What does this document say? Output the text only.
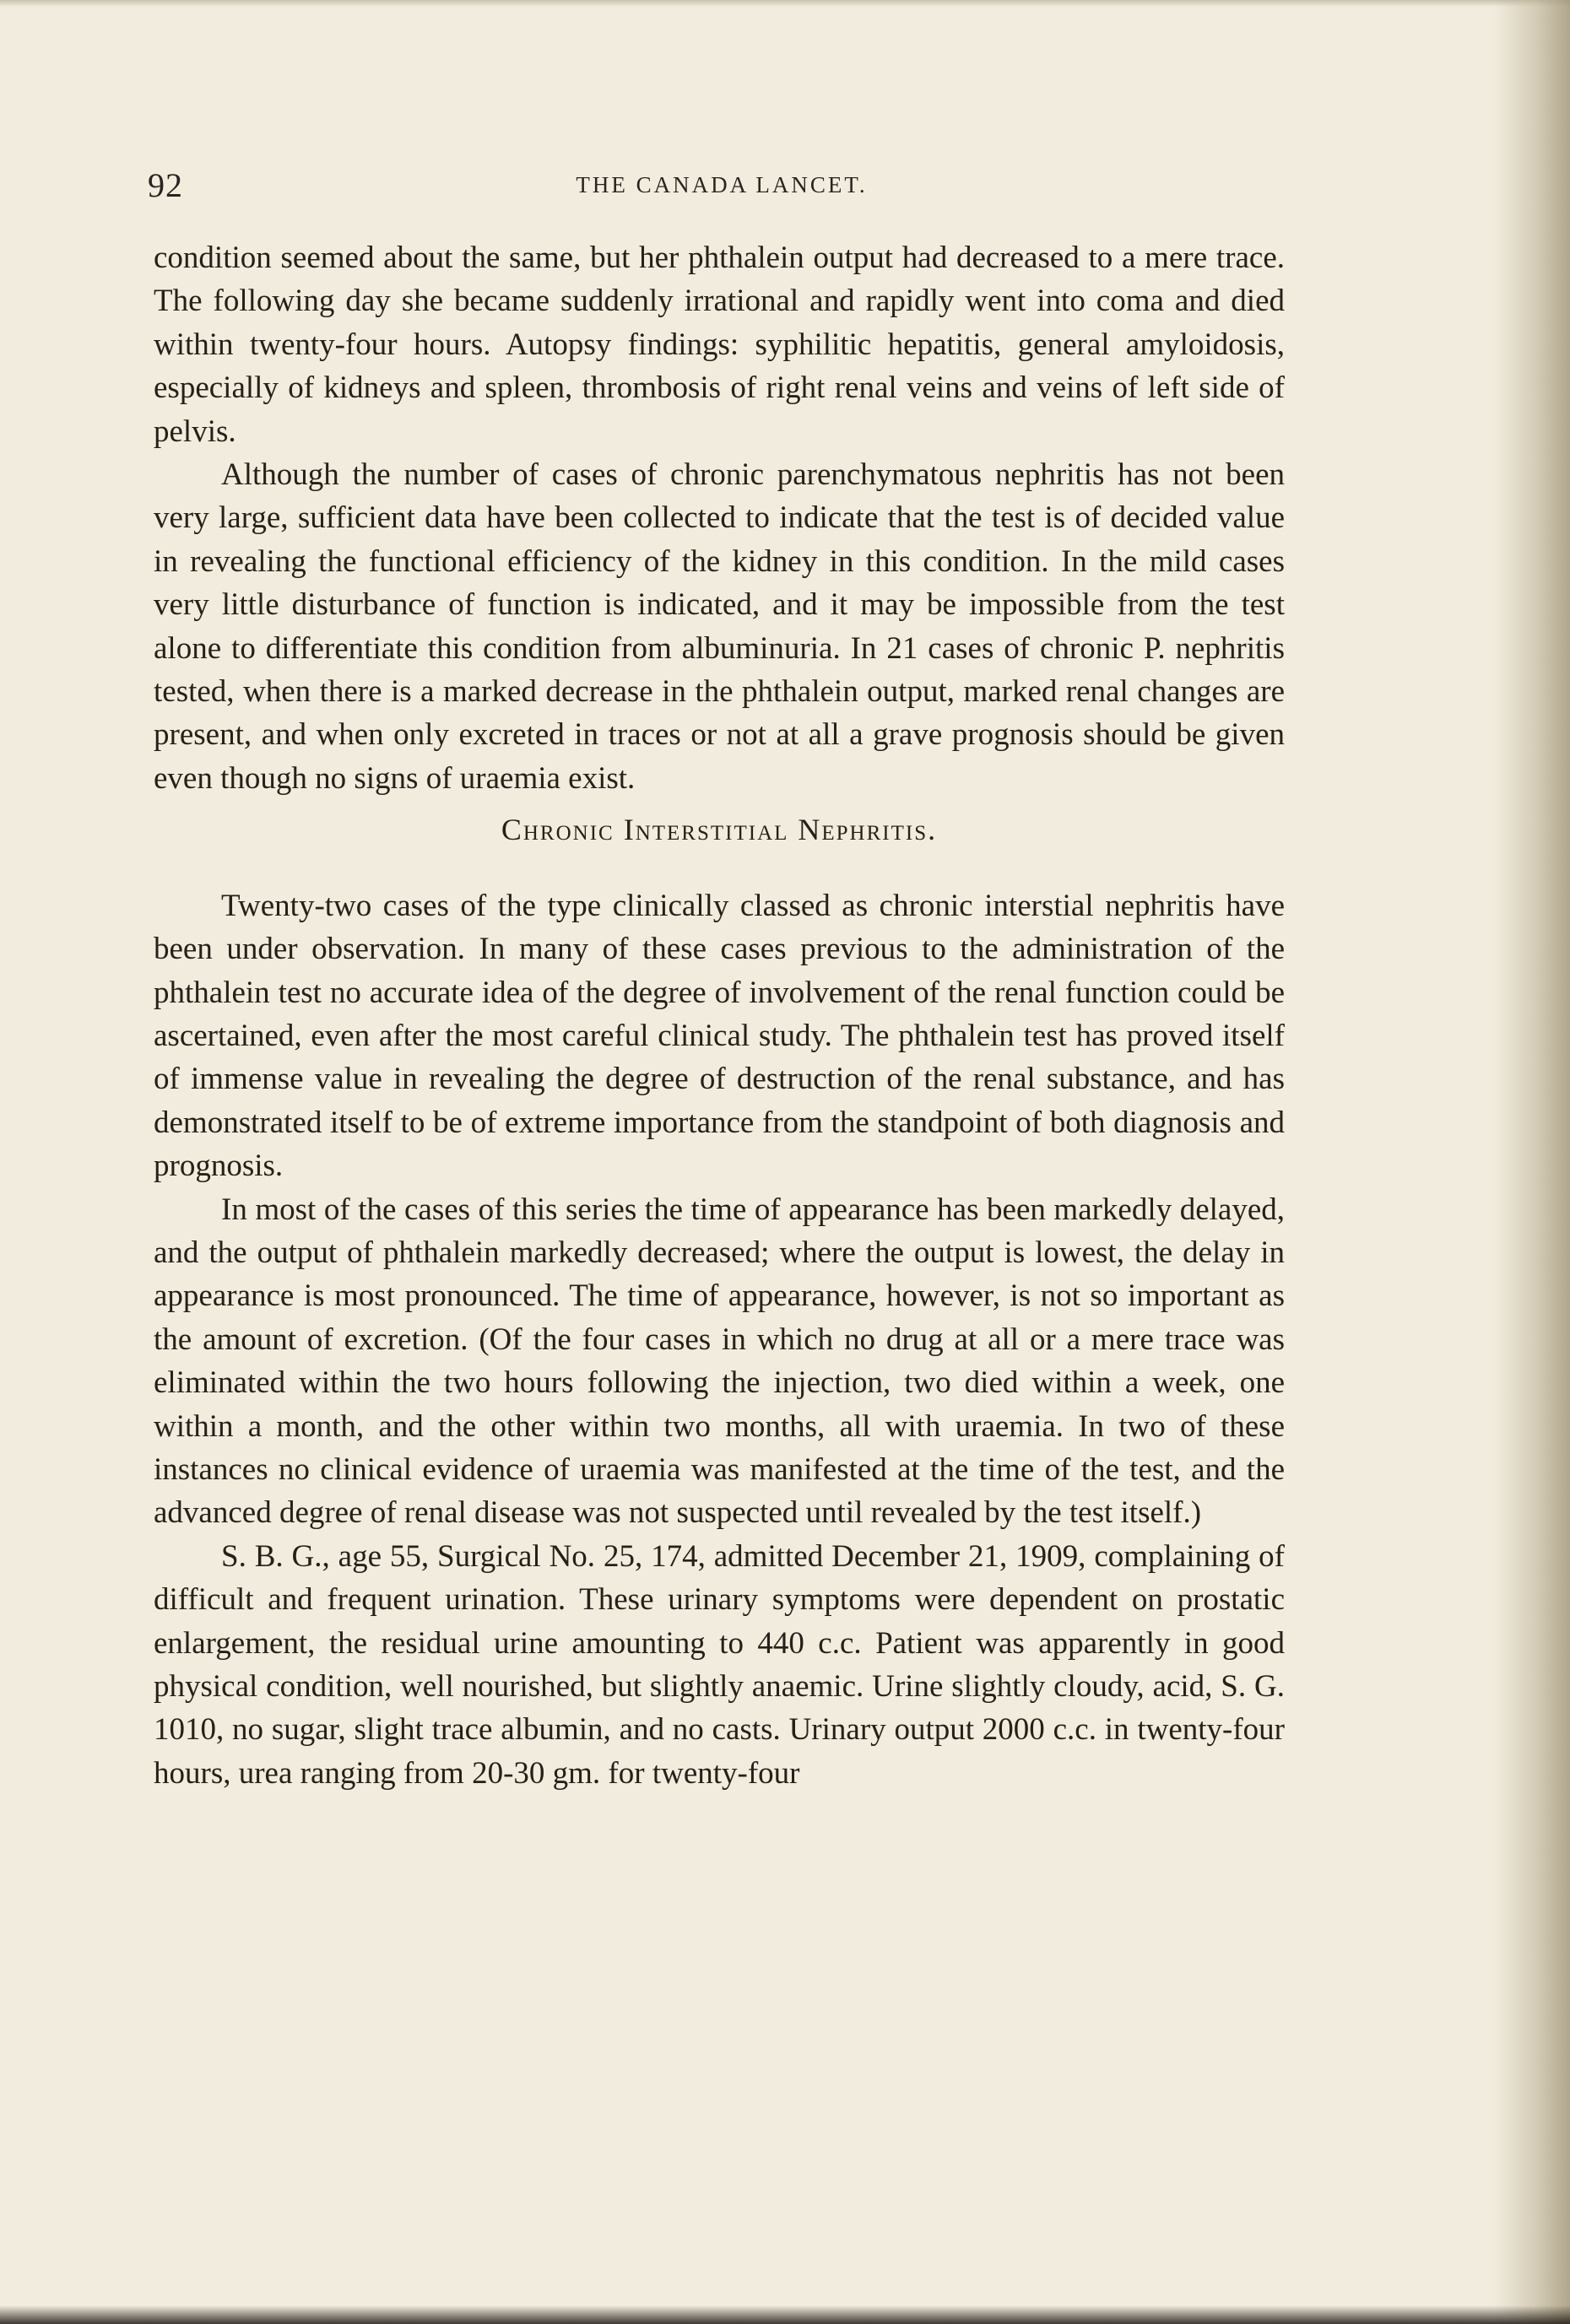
92	THE CANADA LANCET.

condition seemed about the same, but her phthalein output had decreased to a mere trace. The following day she became suddenly irrational and rapidly went into coma and died within twenty-four hours. Autopsy findings: syphilitic hepatitis, general amyloidosis, especially of kidneys and spleen, thrombosis of right renal veins and veins of left side of pelvis.

Although the number of cases of chronic parenchymatous nephritis has not been very large, sufficient data have been collected to indicate that the test is of decided value in revealing the functional efficiency of the kidney in this condition. In the mild cases very little disturbance of function is indicated, and it may be impossible from the test alone to differentiate this condition from albuminuria. In 21 cases of chronic P. nephritis tested, when there is a marked decrease in the phthalein output, marked renal changes are present, and when only excreted in traces or not at all a grave prognosis should be given even though no signs of uraemia exist.

Chronic Interstitial Nephritis.

Twenty-two cases of the type clinically classed as chronic interstial nephritis have been under observation. In many of these cases previous to the administration of the phthalein test no accurate idea of the degree of involvement of the renal function could be ascertained, even after the most careful clinical study. The phthalein test has proved itself of immense value in revealing the degree of destruction of the renal substance, and has demonstrated itself to be of extreme importance from the standpoint of both diagnosis and prognosis.

In most of the cases of this series the time of appearance has been markedly delayed, and the output of phthalein markedly decreased; where the output is lowest, the delay in appearance is most pronounced. The time of appearance, however, is not so important as the amount of excretion. (Of the four cases in which no drug at all or a mere trace was eliminated within the two hours following the injection, two died within a week, one within a month, and the other within two months, all with uraemia. In two of these instances no clinical evidence of uraemia was manifested at the time of the test, and the advanced degree of renal disease was not suspected until revealed by the test itself.)

S. B. G., age 55, Surgical No. 25, 174, admitted December 21, 1909, complaining of difficult and frequent urination. These urinary symptoms were dependent on prostatic enlargement, the residual urine amounting to 440 c.c. Patient was apparently in good physical condition, well nourished, but slightly anaemic. Urine slightly cloudy, acid, S. G. 1010, no sugar, slight trace albumin, and no casts. Urinary output 2000 c.c. in twenty-four hours, urea ranging from 20-30 gm. for twenty-four
